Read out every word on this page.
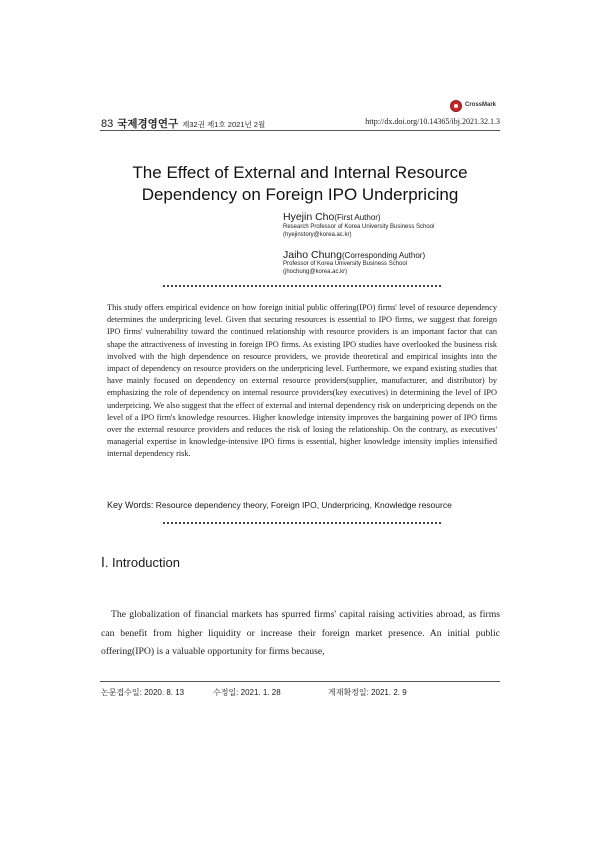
CrossMark
83 국제경영연구 제32권 제1호 2021년 2월	http://dx.doi.org/10.14365/ibj.2021.32.1.3
The Effect of External and Internal Resource
Dependency on Foreign IPO Underpricing
Hyejin Cho(First Author)
Research Professor of Korea University Business School
(hyejinstory@korea.ac.kr)
Jaiho Chung(Corresponding Author)
Professor of Korea University Business School
(jhochung@korea.ac.kr)
This study offers empirical evidence on how foreign initial public offering(IPO) firms' level of resource dependency determines the underpricing level. Given that securing resources is essential to IPO firms, we suggest that foreign IPO firms' vulnerability toward the continued relationship with resource providers is an important factor that can shape the attractiveness of investing in foreign IPO firms. As existing IPO studies have overlooked the business risk involved with the high dependence on resource providers, we provide theoretical and empirical insights into the impact of dependency on resource providers on the underpricing level. Furthermore, we expand existing studies that have mainly focused on dependency on external resource providers(supplier, manufacturer, and distributor) by emphasizing the role of dependency on internal resource providers(key executives) in determining the level of IPO underpricing. We also suggest that the effect of external and internal dependency risk on underpricing depends on the level of a IPO firm's knowledge resources. Higher knowledge intensity improves the bargaining power of IPO firms over the external resource providers and reduces the risk of losing the relationship. On the contrary, as executives' managerial expertise in knowledge-intensive IPO firms is essential, higher knowledge intensity implies intensified internal dependency risk.
Key Words: Resource dependency theory, Foreign IPO, Underpricing, Knowledge resource
Ⅰ. Introduction

The globalization of financial markets has spurred firms' capital raising activities abroad, as firms can benefit from higher liquidity or increase their foreign market presence. An initial public offering(IPO) is a valuable opportunity for firms because,

논문접수일: 2020. 8. 13	수정일: 2021. 1. 28	게재확정일: 2021. 2. 9
